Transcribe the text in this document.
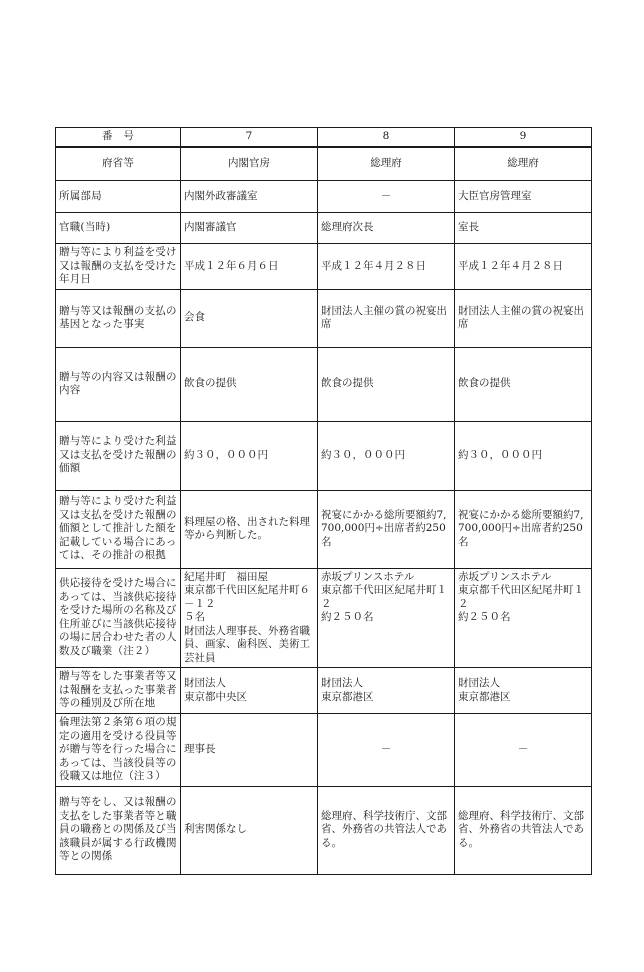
番　号	7	8	9
府省等	内閣官房	総理府	総理府
所属部局	内閣外政審議室	－	大臣官房管理室
官職(当時)	内閣審議官	総理府次長	室長
贈与等により利益を受け又は報酬の支払を受けた年月日	平成１２年６月６日	平成１２年４月２８日	平成１２年４月２８日
贈与等又は報酬の支払の基因となった事実	会食	財団法人主催の賞の祝宴出席	財団法人主催の賞の祝宴出席
贈与等の内容又は報酬の内容	飲食の提供	飲食の提供	飲食の提供
贈与等により受けた利益又は支払を受けた報酬の価額	約３０，０００円	約３０，０００円	約３０，０００円
贈与等により受けた利益又は支払を受けた報酬の価額として推計した額を記載している場合にあっては、その推計の根拠	料理屋の格、出された料理等から判断した。	祝宴にかかる総所要額約7,700,000円÷出席者約250名	祝宴にかかる総所要額約7,700,000円÷出席者約250名
供応接待を受けた場合にあっては、当該供応接待を受けた場所の名称及び住所並びに当該供応接待の場に居合わせた者の人数及び職業（注２）	紀尾井町　福田屋
東京都千代田区紀尾井町６－１２
５名
財団法人理事長、外務省職員、画家、歯科医、美術工芸社員	赤坂プリンスホテル
東京都千代田区紀尾井町１２
約２５０名	赤坂プリンスホテル
東京都千代田区紀尾井町１２
約２５０名
贈与等をした事業者等又は報酬を支払った事業者等の種別及び所在地	財団法人
東京都中央区	財団法人
東京都港区	財団法人
東京都港区
倫理法第２条第６項の規定の適用を受ける役員等が贈与等を行った場合にあっては、当該役員等の役職又は地位（注３）	理事長	－	－
贈与等をし、又は報酬の支払をした事業者等と職員の職務との関係及び当該職員が属する行政機関等との関係	利害関係なし	総理府、科学技術庁、文部省、外務省の共管法人である。	総理府、科学技術庁、文部省、外務省の共管法人である。
